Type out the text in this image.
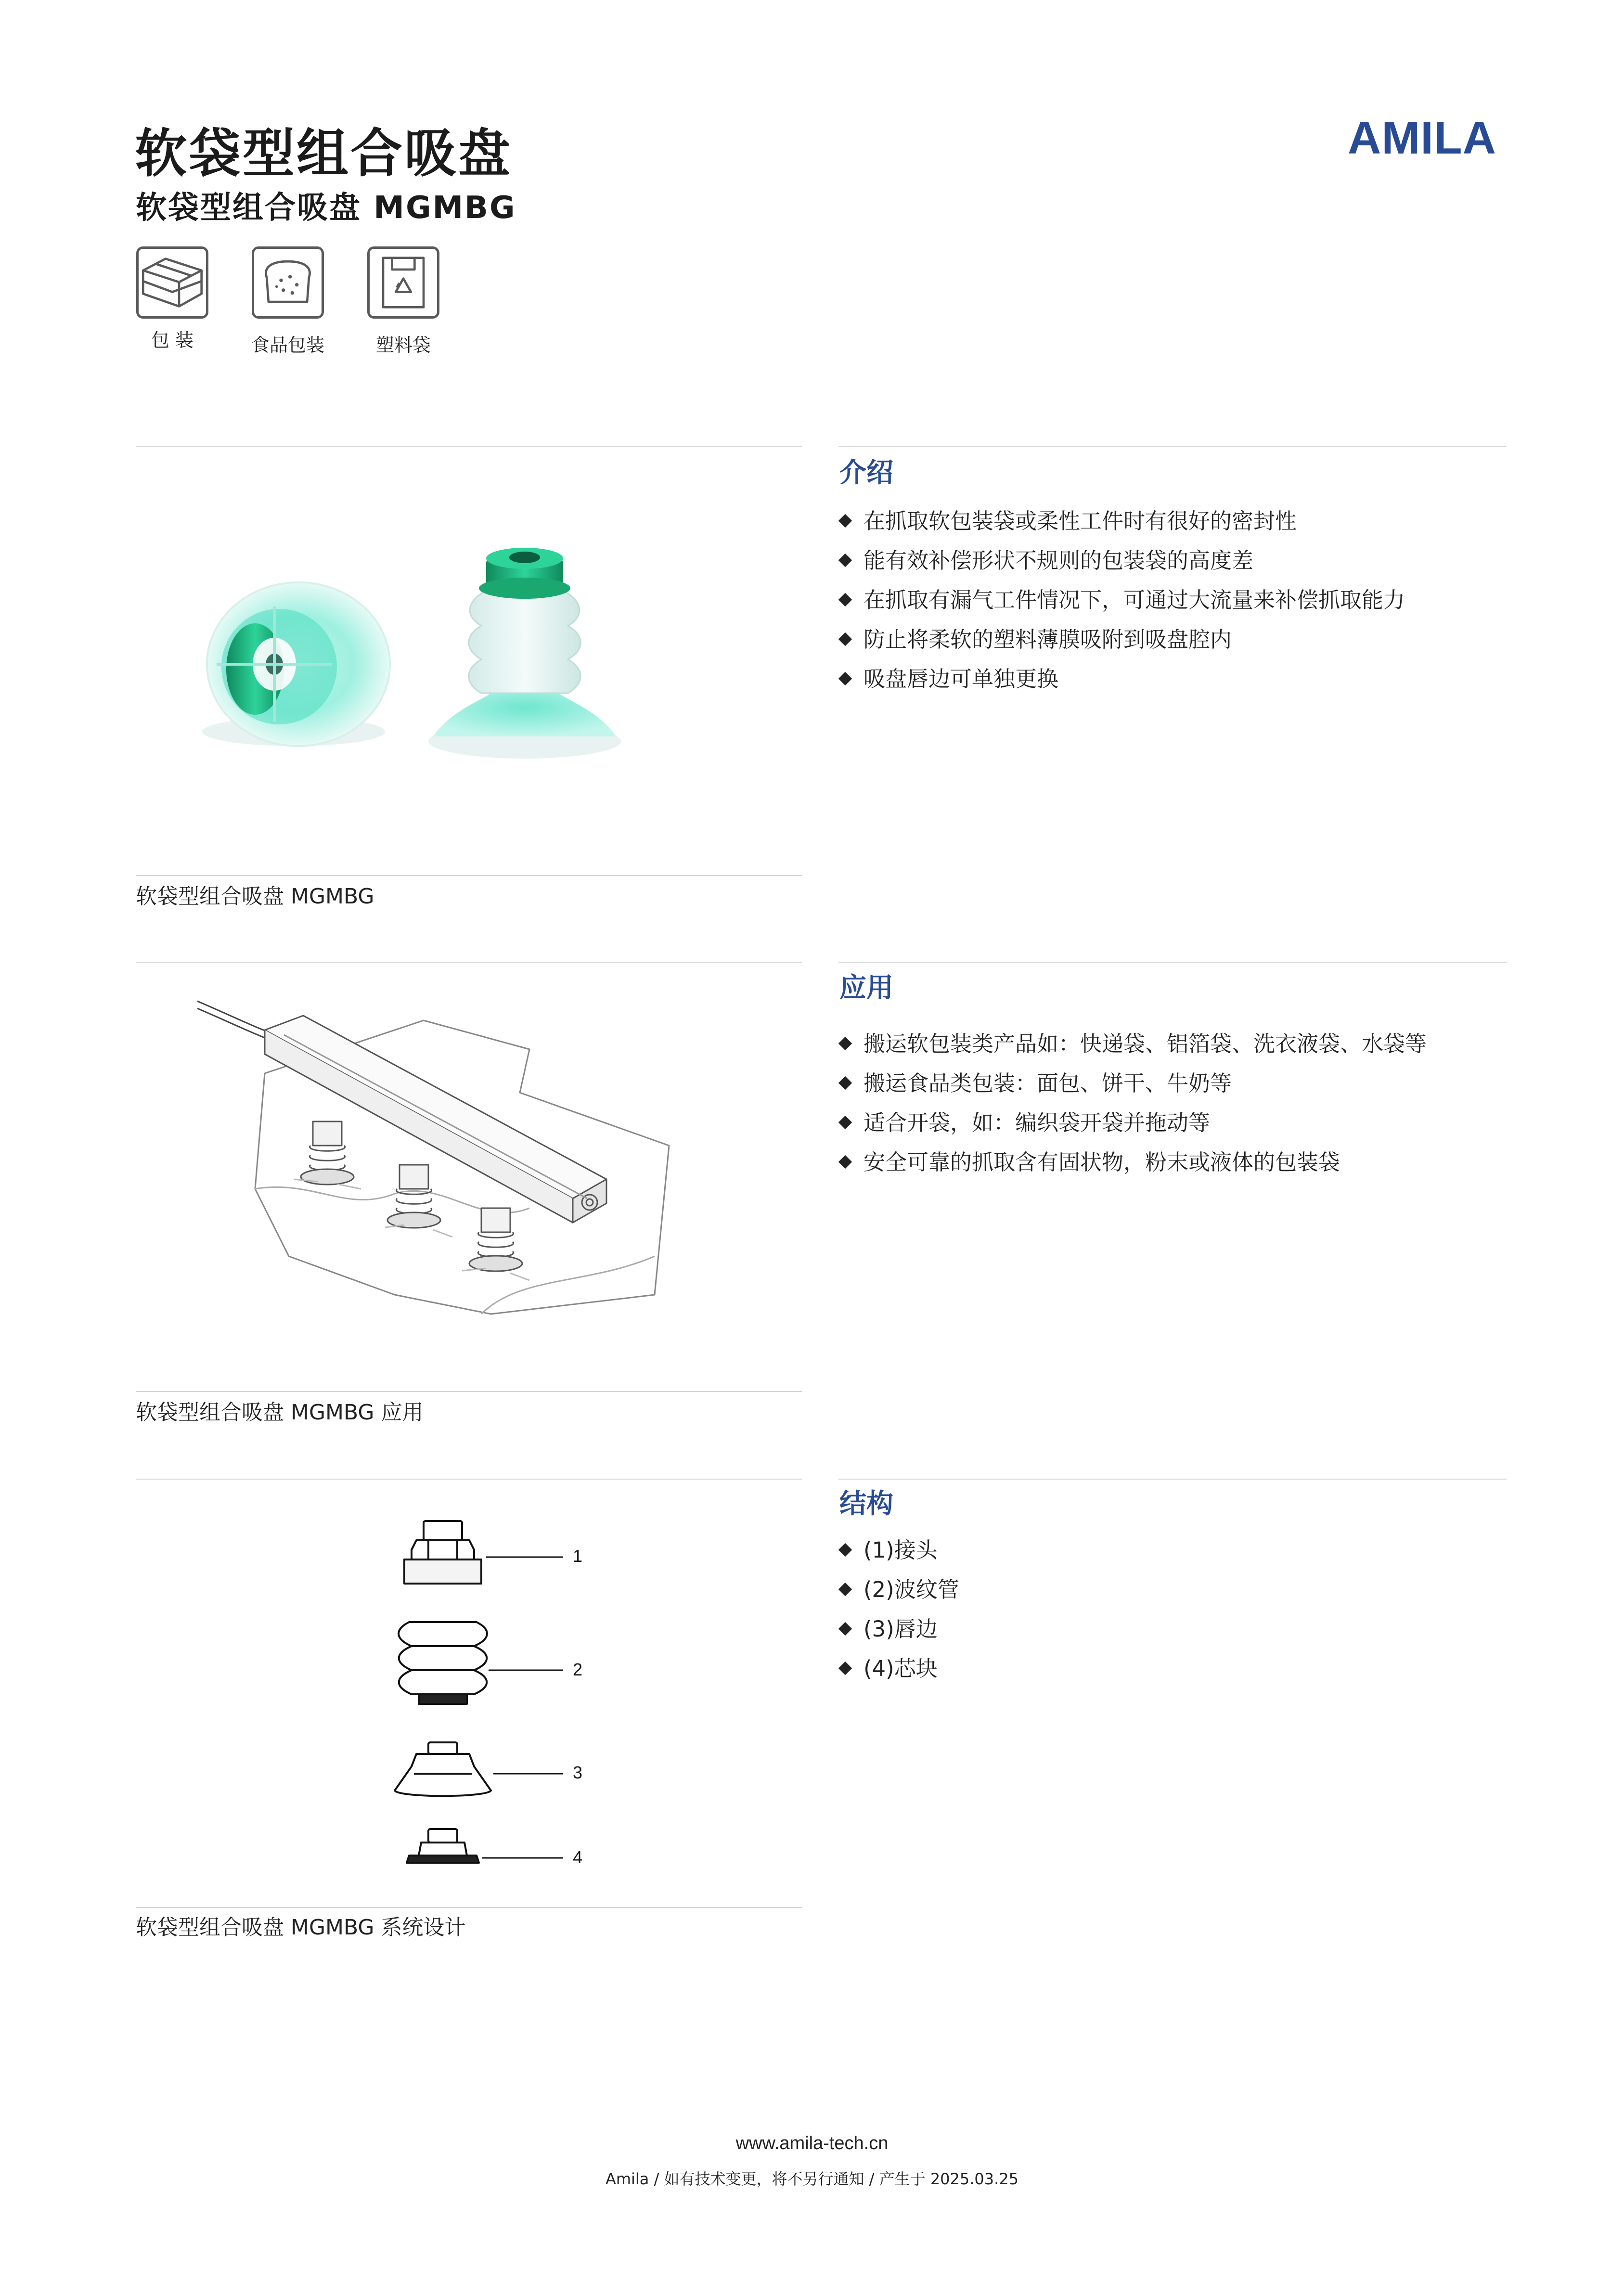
软袋型组合吸盘
软袋型组合吸盘 MGMBG
AMILA
包 装	食品包装	塑料袋
软袋型组合吸盘 MGMBG
介绍
在抓取软包装袋或柔性工件时有很好的密封性
能有效补偿形状不规则的包装袋的高度差
在抓取有漏气工件情况下，可通过大流量来补偿抓取能力
防止将柔软的塑料薄膜吸附到吸盘腔内
吸盘唇边可单独更换
软袋型组合吸盘 MGMBG 应用
应用
搬运软包装类产品如：快递袋、铝箔袋、洗衣液袋、水袋等
搬运食品类包装：面包、饼干、牛奶等
适合开袋，如：编织袋开袋并拖动等
安全可靠的抓取含有固状物，粉末或液体的包装袋
1
2
3
4
软袋型组合吸盘 MGMBG 系统设计
结构
(1)接头
(2)波纹管
(3)唇边
(4)芯块
www.amila-tech.cn
Amila / 如有技术变更，将不另行通知 / 产生于 2025.03.25
